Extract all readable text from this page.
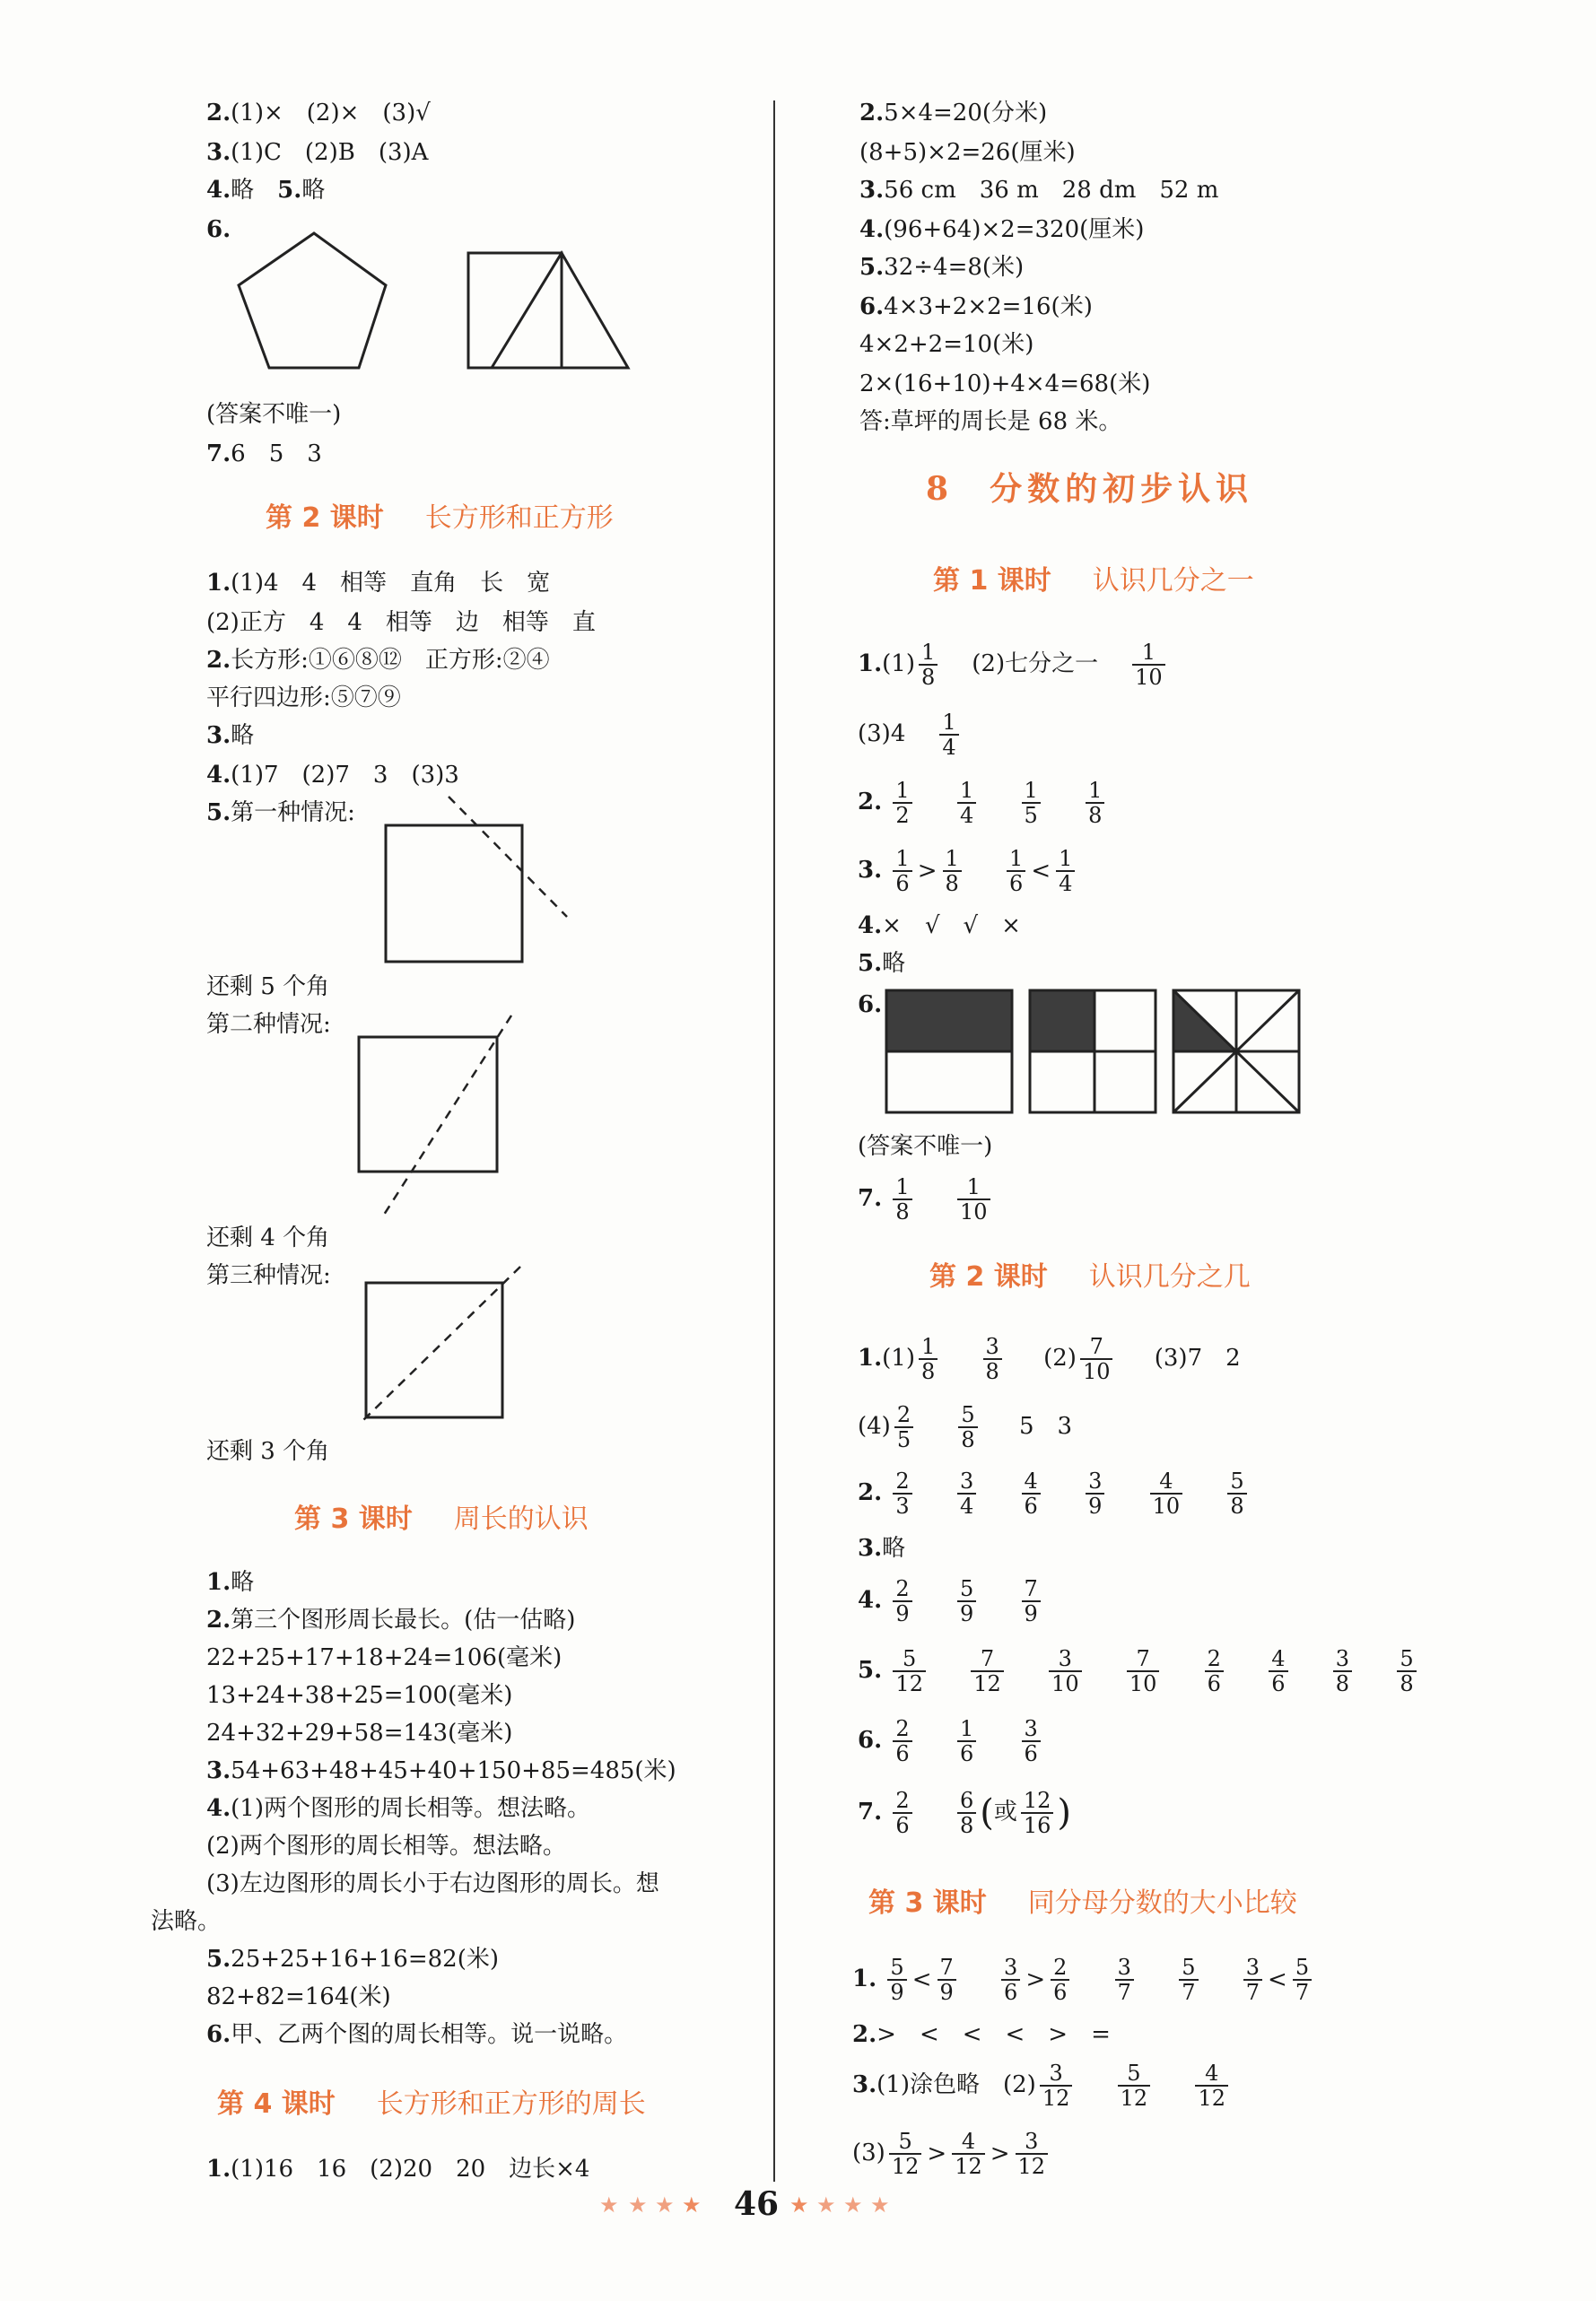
2.(1)×　(2)×　(3)√
3.(1)C　(2)B　(3)A
4.略　5.略
6.
(答案不唯一)
7.6　5　3
第 2 课时 长方形和正方形
1.(1)4　4　相等　直角　长　宽
(2)正方　4　4　相等　边　相等　直
2.长方形:①⑥⑧⑫　正方形:②④
平行四边形:⑤⑦⑨
3.略
4.(1)7　(2)7　3　(3)3
5.第一种情况:
还剩 5 个角
第二种情况:
还剩 4 个角
第三种情况:
还剩 3 个角
第 3 课时 周长的认识
1.略
2.第三个图形周长最长。(估一估略)
22+25+17+18+24=106(毫米)
13+24+38+25=100(毫米)
24+32+29+58=143(毫米)
3.54+63+48+45+40+150+85=485(米)
4.(1)两个图形的周长相等。想法略。
(2)两个图形的周长相等。想法略。
(3)左边图形的周长小于右边图形的周长。想
法略。
5.25+25+16+16=82(米)
82+82=164(米)
6.甲、乙两个图的周长相等。说一说略。
第 4 课时 长方形和正方形的周长
1.(1)16　16　(2)20　20　边长×4
2.5×4=20(分米)
(8+5)×2=26(厘米)
3.56 cm　36 m　28 dm　52 m
4.(96+64)×2=320(厘米)
5.32÷4=8(米)
6.4×3+2×2=16(米)
4×2+2=10(米)
2×(16+10)+4×4=68(米)
答:草坪的周长是 68 米。
8 分数的初步认识
第 1 课时 认识几分之一
$1.(1) \frac{1}{8} (2)$七分之一 $\frac{1}{10}$
$(3)4 \frac{1}{4}$
2. $\frac{1}{2}$
$\frac{1}{4}$
$\frac{1}{5}$
$\frac{1}{8}$
3. $\frac{1}{6} > \frac{1}{8}$
$\frac{1}{6} < \frac{1}{4}$
4.×　√　√　×
5.略
6.
(答案不唯一)
7. $\frac{1}{8}$
$\frac{1}{10}$
第 2 课时 认识几分之几
$1.(1) \frac{1}{8}$
$\frac{3}{8} (2) \frac{7}{10} (3)7$　2
$(4) \frac{2}{5}$
$\frac{5}{8} 5$　3
2. $\frac{2}{3}$
$\frac{3}{4}$
$\frac{4}{6}$
$\frac{3}{9}$
$\frac{4}{10}$
$\frac{5}{8}$
3.略
4. $\frac{2}{9}$
$\frac{5}{9}$
$\frac{7}{9}$
5. $\frac{5}{12}$
$\frac{7}{12}$
$\frac{3}{10}$
$\frac{7}{10}$
$\frac{2}{6}$
$\frac{4}{6}$
$\frac{3}{8}$
$\frac{5}{8}$
6. $\frac{2}{6}$
$\frac{1}{6}$
$\frac{3}{6}$
7. $\frac{2}{6}$
$\frac{6}{8}$ (或 $\frac{12}{16}$ )
第 3 课时 同分母分数的大小比较
1. $\frac{5}{9} < \frac{7}{9}$
$\frac{3}{6} > \frac{2}{6}$
$\frac{3}{7}$
$\frac{5}{7}$
$\frac{3}{7} < \frac{5}{7}$
2.>　<　<　<　>　=
3.(1)涂色略　$(2) \frac{3}{12}$
$\frac{5}{12}$
$\frac{4}{12}$
$(3) \frac{5}{12} > \frac{4}{12} > \frac{3}{12}$
★ ★ ★ ★ 46 ★ ★ ★ ★
